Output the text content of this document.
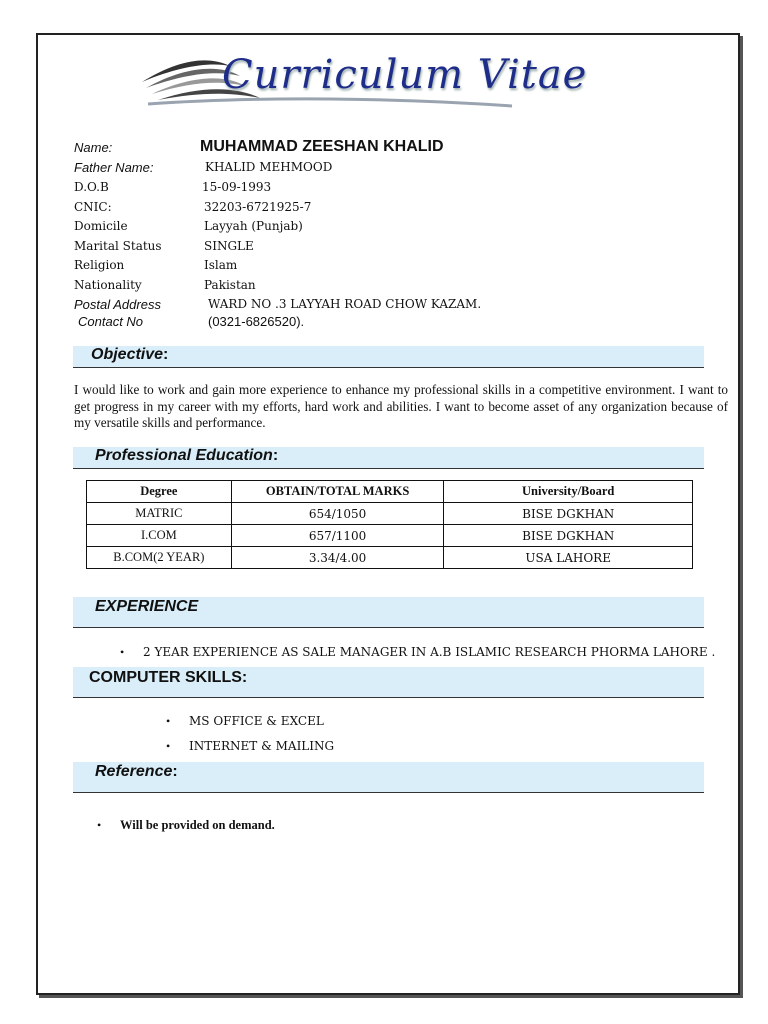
Curriculum Vitae
Name:	MUHAMMAD ZEESHAN KHALID
Father Name:	KHALID MEHMOOD
D.O.B	15-09-1993
CNIC:	32203-6721925-7
Domicile	Layyah (Punjab)
Marital Status	SINGLE
Religion	Islam
Nationality	Pakistan
Postal Address	WARD NO .3 LAYYAH ROAD CHOW KAZAM.
Contact No	(0321-6826520).
Objective:
I would like to work and gain more experience to enhance my professional skills in a competitive environment. I want to get progress in my career with my efforts, hard work and abilities. I want to become asset of any organization because of my versatile skills and performance.
Professional Education:
Degree	OBTAIN/TOTAL MARKS	University/Board
MATRIC	654/1050	BISE DGKHAN
I.COM	657/1100	BISE DGKHAN
B.COM(2 YEAR)	3.34/4.00	USA LAHORE
EXPERIENCE
• 2 YEAR EXPERIENCE AS SALE MANAGER IN A.B ISLAMIC RESEARCH PHORMA LAHORE .
COMPUTER SKILLS:
• MS OFFICE & EXCEL
• INTERNET & MAILING
Reference:
• Will be provided on demand.
